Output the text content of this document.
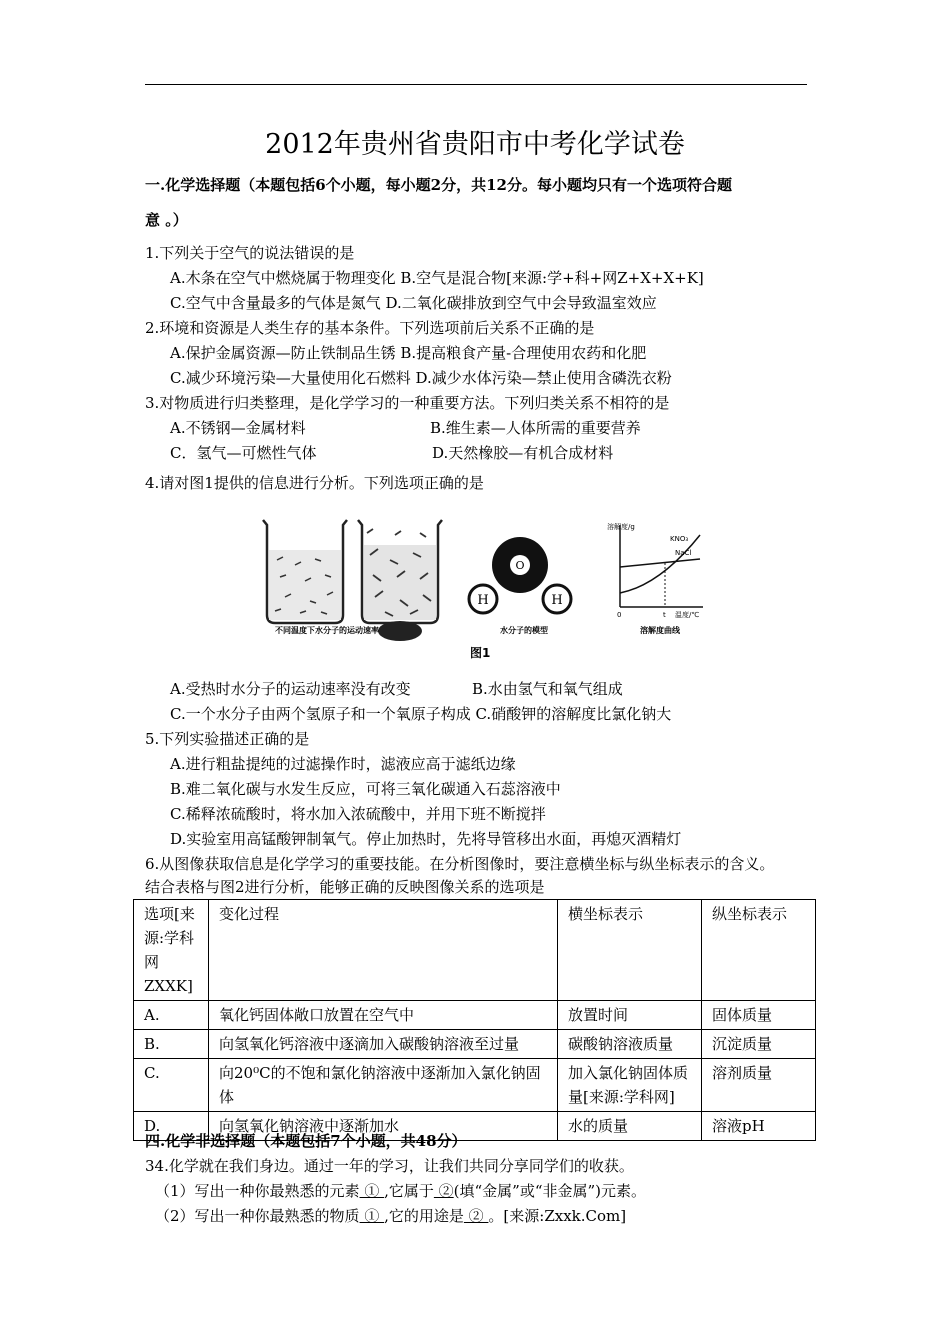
2012年贵州省贵阳市中考化学试卷
一.化学选择题（本题包括6个小题，每小题2分，共12分。每小题均只有一个选项符合题
意 。）
1.下列关于空气的说法错误的是
A.木条在空气中燃烧属于物理变化 B.空气是混合物[来源:学+科+网Z+X+X+K]
C.空气中含量最多的气体是氮气 D.二氧化碳排放到空气中会导致温室效应
2.环境和资源是人类生存的基本条件。下列选项前后关系不正确的是
A.保护金属资源—防止铁制品生锈 B.提高粮食产量-合理使用农药和化肥
C.减少环境污染—大量使用化石燃料 D.减少水体污染—禁止使用含磷洗衣粉
3.对物质进行归类整理，是化学学习的一种重要方法。下列归类关系不相符的是
A.不锈钢—金属材料	B.维生素—人体所需的重要营养
C．氢气—可燃性气体	D.天然橡胶—有机合成材料
4.请对图1提供的信息进行分析。下列选项正确的是
不同温度下水分子的运动速率
O
H	H
水分子的模型
溶解度/g
KNO₃
NaCl
0	t 温度/℃
溶解度曲线
图1
A.受热时水分子的运动速率没有改变	B.水由氢气和氧气组成
C.一个水分子由两个氢原子和一个氧原子构成 C.硝酸钾的溶解度比氯化钠大
5.下列实验描述正确的是
A.进行粗盐提纯的过滤操作时，滤液应高于滤纸边缘
B.难二氧化碳与水发生反应，可将三氧化碳通入石蕊溶液中
C.稀释浓硫酸时，将水加入浓硫酸中，并用下班不断搅拌
D.实验室用高锰酸钾制氧气。停止加热时，先将导管移出水面，再熄灭酒精灯
6.从图像获取信息是化学学习的重要技能。在分析图像时，要注意横坐标与纵坐标表示的含义。
结合表格与图2进行分析，能够正确的反映图像关系的选项是
选项[来源:学科网ZXXK]	变化过程	横坐标表示	纵坐标表示
A.	氧化钙固体敞口放置在空气中	放置时间	固体质量
B.	向氢氧化钙溶液中逐滴加入碳酸钠溶液至过量	碳酸钠溶液质量	沉淀质量
C.	向20⁰C的不饱和氯化钠溶液中逐渐加入氯化钠固体	加入氯化钠固体质量[来源:学科网]	溶剂质量
D.	向氢氧化钠溶液中逐渐加水	水的质量	溶液pH
四.化学非选择题（本题包括7个小题，共48分）
34.化学就在我们身边。通过一年的学习，让我们共同分享同学们的收获。
（1）写出一种你最熟悉的元素 ① ,它属于 ②(填“金属”或“非金属”)元素。
（2）写出一种你最熟悉的物质 ① ,它的用途是 ② 。[来源:Zxxk.Com]
